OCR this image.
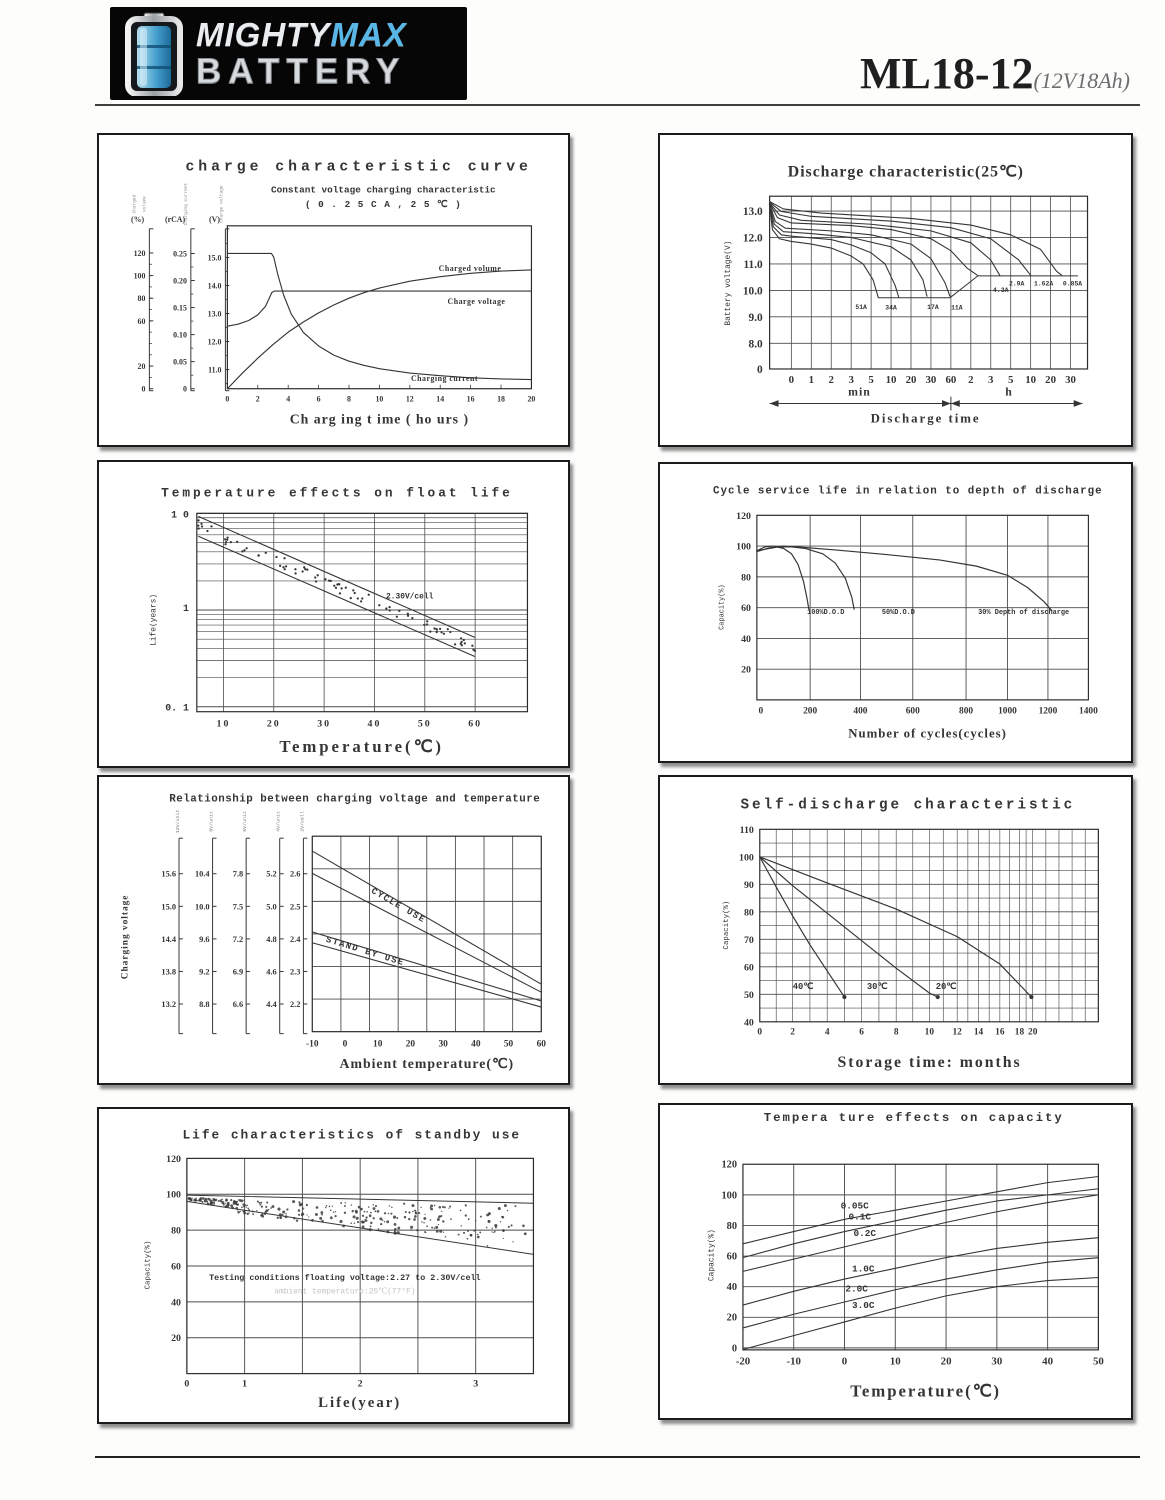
MIGHTYMAX
BATTERY	ML18-12(12V18Ah)
charge characteristic curve
Constant voltage charging characteristic
( 0 . 2 5 C A , 2 5 ℃ )
Ch arg ing t ime ( ho urs )
0	2	4	6	8	10	12	14	16	18	20
120
100
80
60
20
0
0.25
0.20
0.15
0.10
0.05
0
15.0
14.0
13.0
12.0
11.0
(%)	(rCA)	(V)
Charged volume	Charging current	Charge voltage
Charged volume
Charge voltage
Charging current
Discharge characteristic(25℃)
13.0
12.0
11.0
10.0
9.0
8.0
0
Battery voltage(V)
0 1 2 3 5 10 20 30 60 2 3 5 10 20 30
min	h
Discharge time
51A	34A	17A 11A
4.3A
2.9A 1.62A 0.85A
Temperature effects on float life
1 0
1
0. 1
Life(years)
10	20	30	40	50	60
Temperature(℃)
2.30V/cell
Cycle service life in relation to depth of discharge
120
100
80
60
40
20
0	200	400	600	800	1000 1200 1400
Capacity(%)
Number of cycles(cycles)
100%D.O.D	50%D.O.D	30% Depth of discharge
Relationship between charging voltage and temperature
15.6
15.0
14.4
13.8
13.2
12V/unit
10.4
10.0
9.6
9.2
8.8
8V/unit
7.8
7.5
7.2
6.9
6.6
6V/unit
5.2
5.0
4.8
4.6
4.4
4V/unit
2.6
2.5
2.4
2.3
2.2
2V/cell
Charging voltage	CYCLE USE
STAND BY USE
-10	0	10 20 30 40 50 60
Ambient temperature(℃)
Self-discharge characteristic
110
100
90
80
70
60
50
40
0	2	4	6	8	10 12 14 16 18 20
Capacity(%)
Storage time: months
40℃	30℃	20℃
Life characteristics of standby use
120
100
80
60
40
20
0	1	2	3
Capacity(%)
Life(year)
Testing conditions floating voltage:2.27 to 2.30V/cell
ambient temperature:25℃(77°F)
Tempera ture effects on capacity
120
100
80
60
40
20
0
-20	-10	0	10	20	30	40	50
Capacity(%)
Temperature(℃)
0.05C
0.1C
0.2C
1.0C
2.0C
3.0C
